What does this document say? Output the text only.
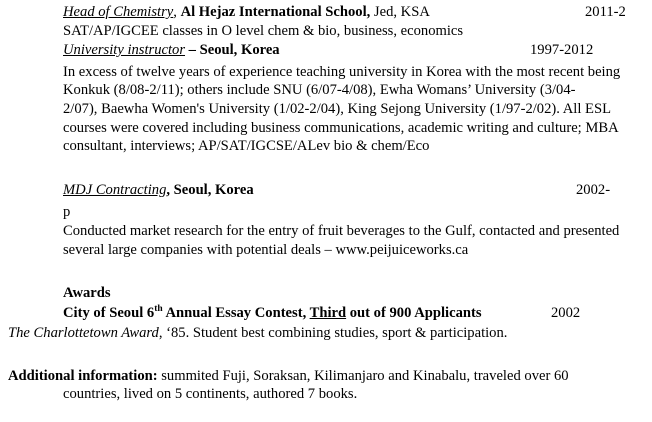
Head of Chemistry, Al Hejaz International School, Jed, KSA	2011-2
SAT/AP/IGCEE classes in O level chem & bio, business, economics
University instructor – Seoul, Korea	1997-2012
In excess of twelve years of experience teaching university in Korea with the most recent being
Konkuk (8/08-2/11); others include SNU (6/07-4/08), Ewha Womans’ University (3/04-
2/07), Baewha Women's University (1/02-2/04), King Sejong University (1/97-2/02). All ESL
courses were covered including business communications, academic writing and culture; MBA
consultant, interviews; AP/SAT/IGCSE/ALev bio & chem/Eco
MDJ Contracting, Seoul, Korea	2002-
p
Conducted market research for the entry of fruit beverages to the Gulf, contacted and presented
several large companies with potential deals – www.peijuiceworks.ca
Awards
City of Seoul 6th Annual Essay Contest, Third out of 900 Applicants	2002
The Charlottetown Award, ‘85. Student best combining studies, sport & participation.
Additional information: summited Fuji, Soraksan, Kilimanjaro and Kinabalu, traveled over 60
countries, lived on 5 continents, authored 7 books.
